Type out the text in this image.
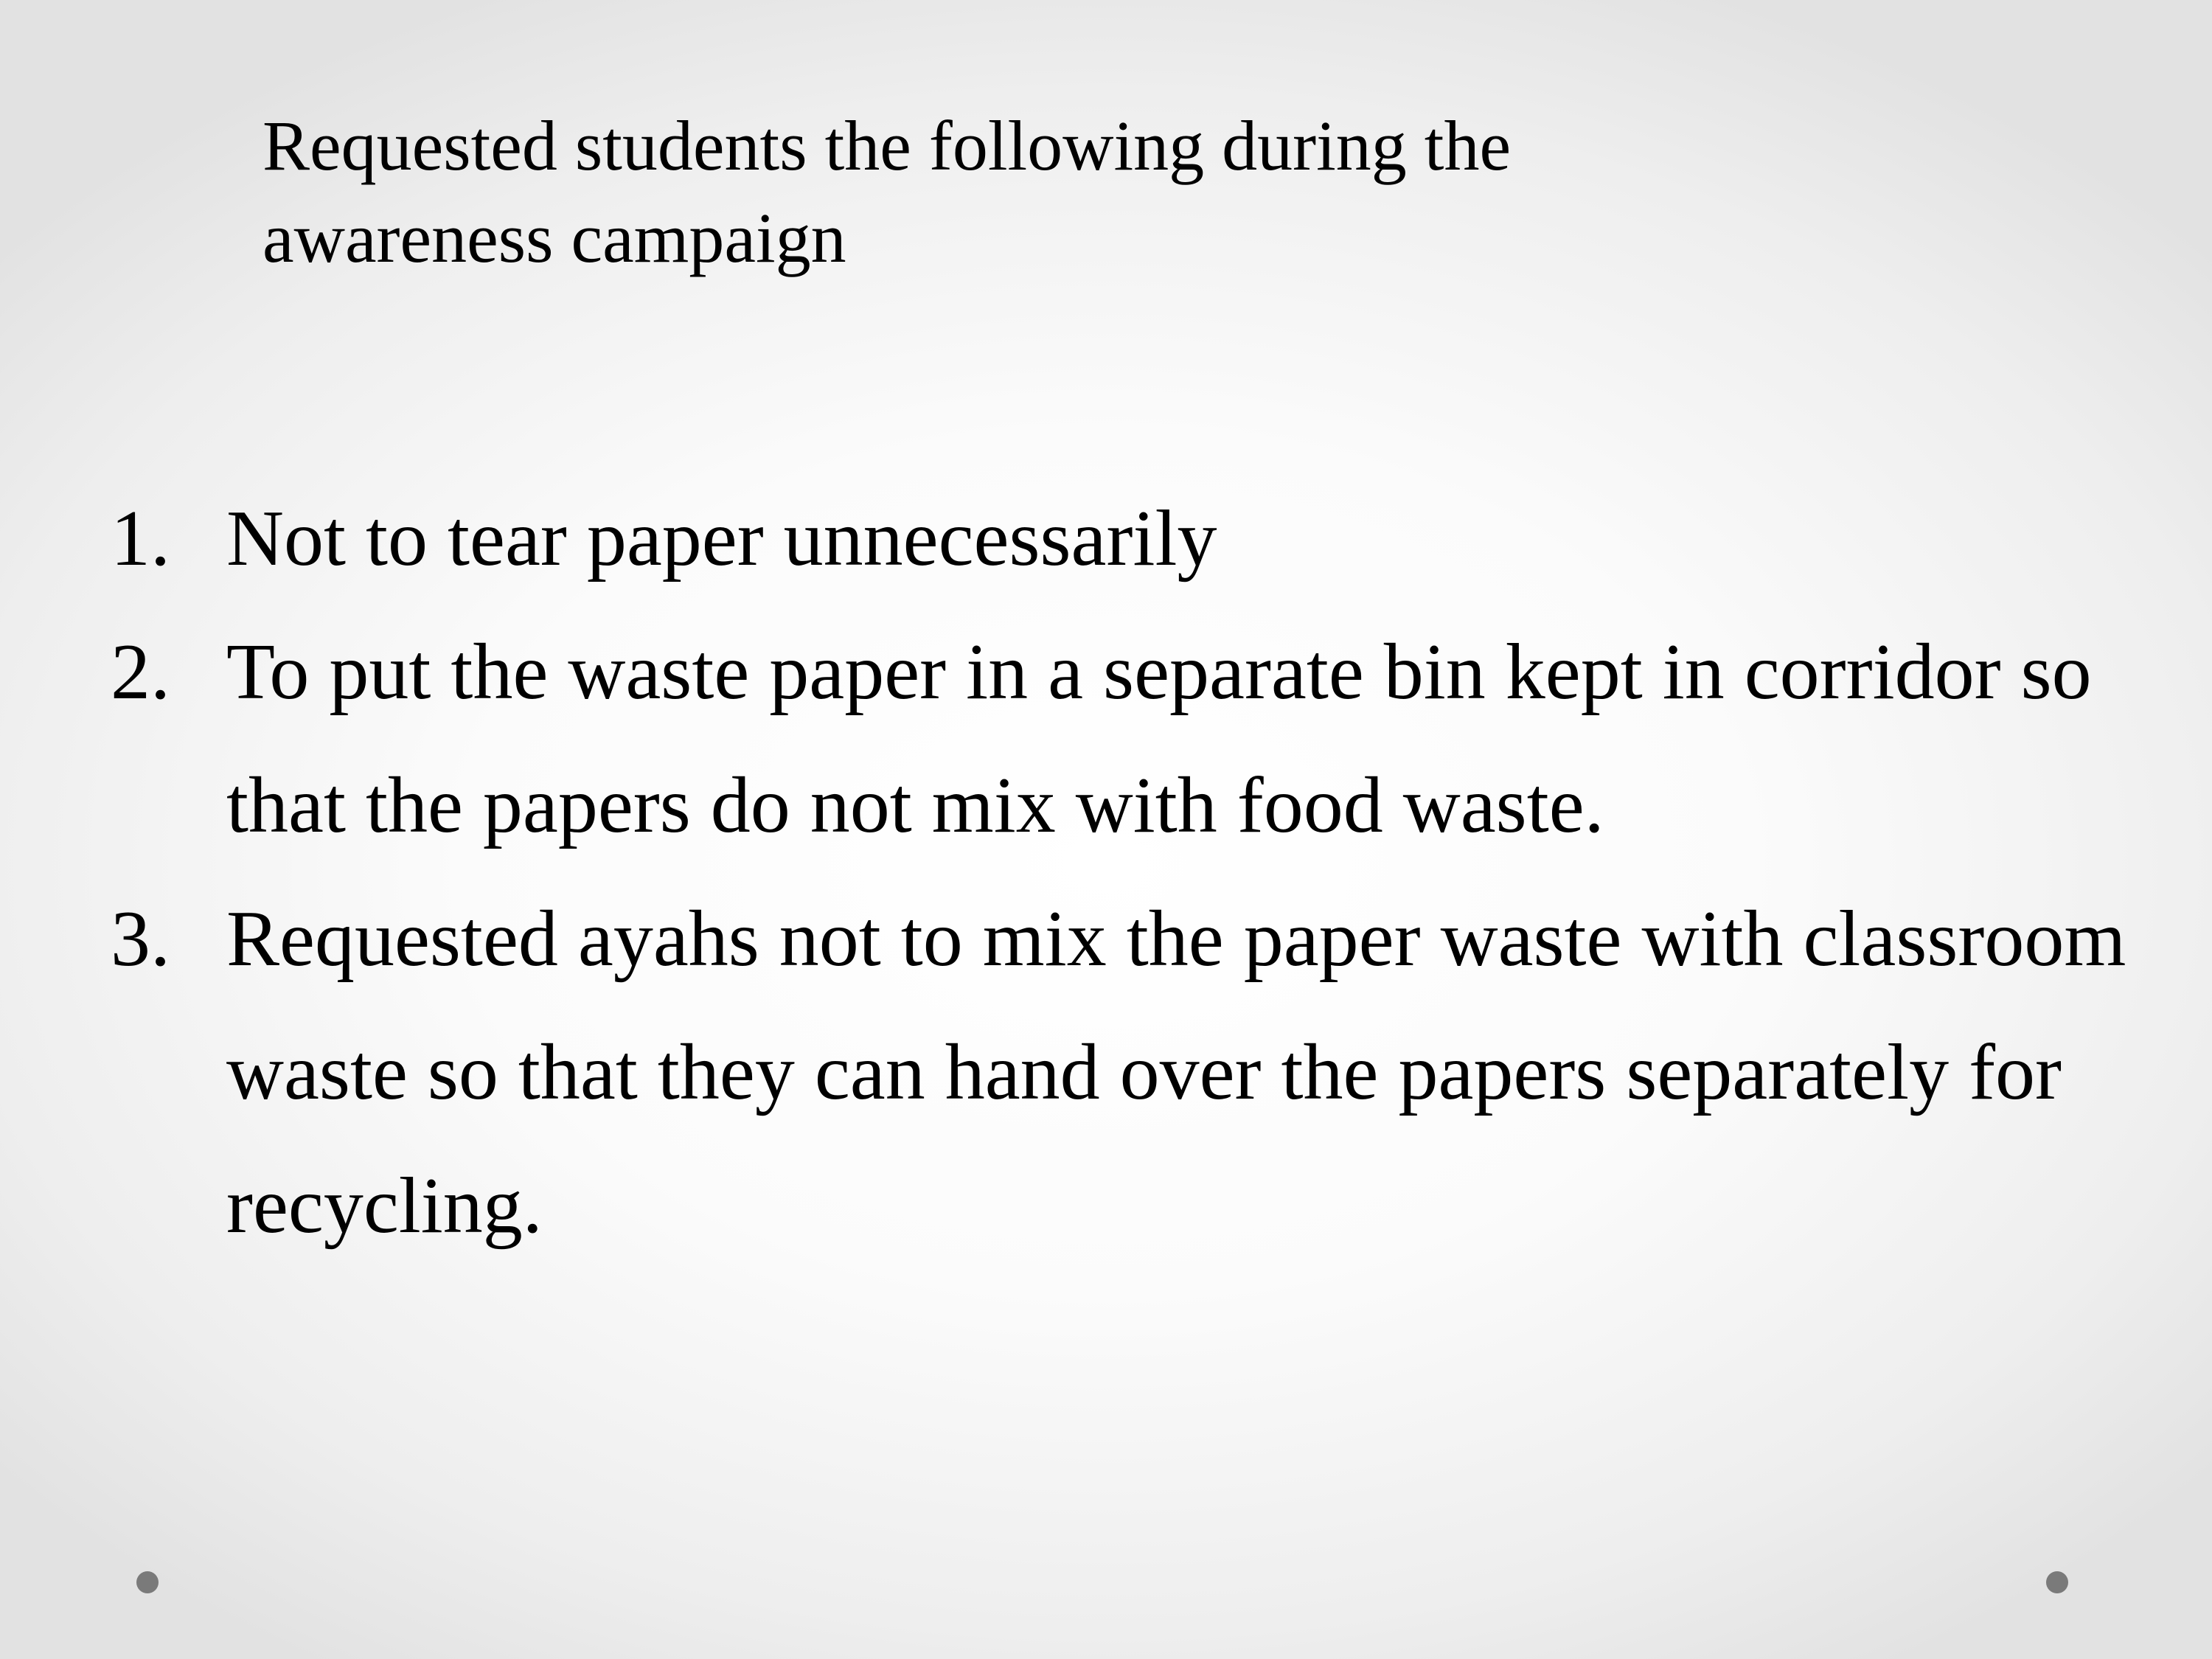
Requested students the following during the
awareness campaign
1. Not to tear paper unnecessarily
2. To put the waste paper in a separate bin kept in corridor so that the papers do not mix with food waste.
3. Requested ayahs not to mix the paper waste with classroom waste so that they can hand over the papers separately for recycling.
